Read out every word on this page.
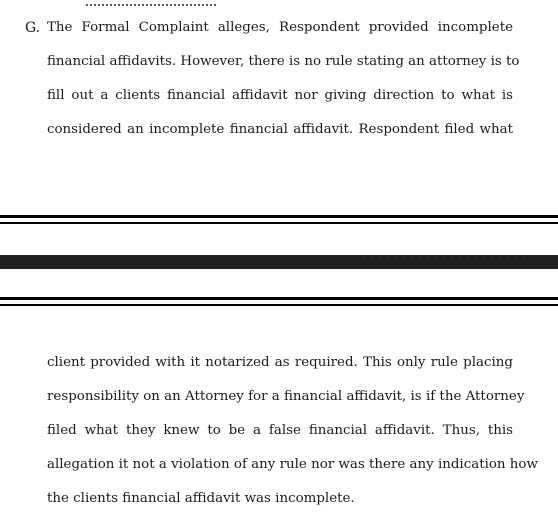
G. The Formal Complaint alleges, Respondent provided incomplete
financial affidavits. However, there is no rule stating an attorney is to
fill out a clients financial affidavit nor giving direction to what is
considered an incomplete financial affidavit. Respondent filed what
· · · · · · · · · · · · · · · · · · · · ·
client provided with it notarized as required. This only rule placing
responsibility on an Attorney for a financial affidavit, is if the Attorney
filed what they knew to be a false financial affidavit. Thus, this
allegation it not a violation of any rule nor was there any indication how
the clients financial affidavit was incomplete.
